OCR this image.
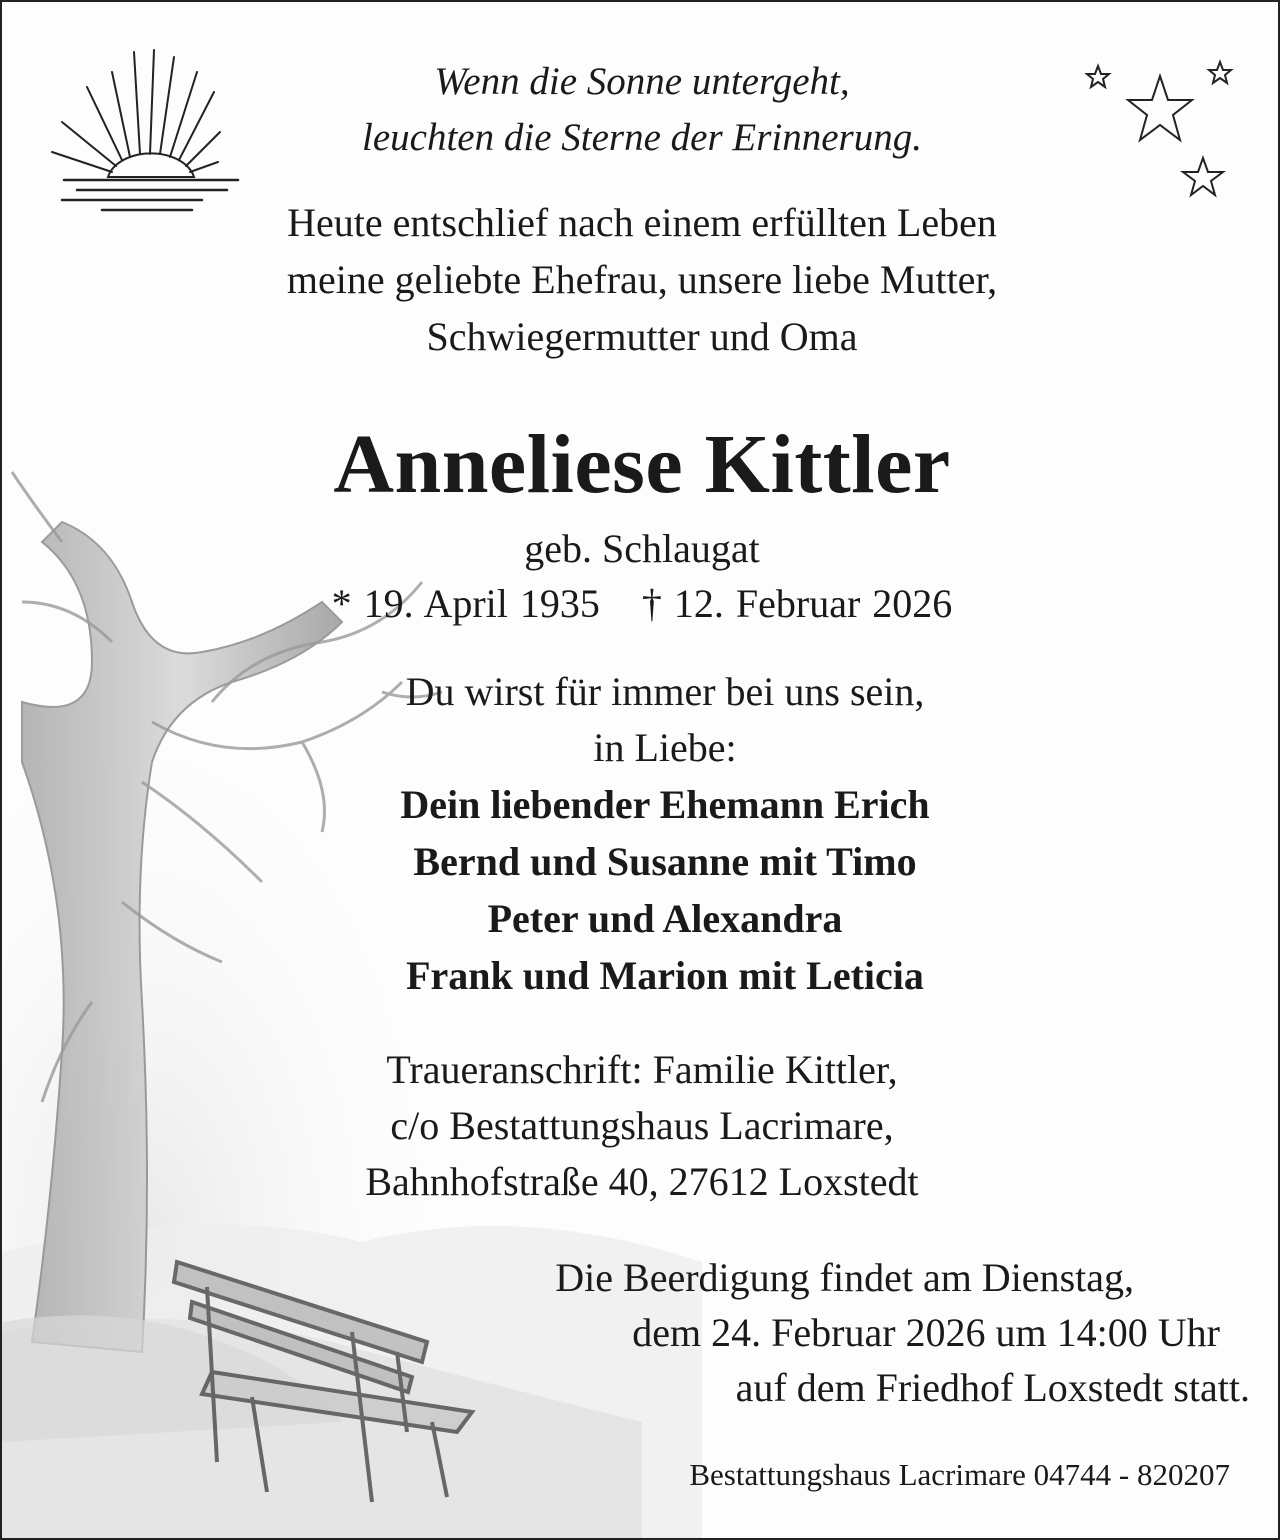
Wenn die Sonne untergeht,
leuchten die Sterne der Erinnerung.
Heute entschlief nach einem erfüllten Leben
meine geliebte Ehefrau, unsere liebe Mutter,
Schwiegermutter und Oma
Anneliese Kittler
geb. Schlaugat
* 19. April 1935 † 12. Februar 2026
Du wirst für immer bei uns sein,
in Liebe:
Dein liebender Ehemann Erich
Bernd und Susanne mit Timo
Peter und Alexandra
Frank und Marion mit Leticia
Traueranschrift: Familie Kittler,
c/o Bestattungshaus Lacrimare,
Bahnhofstraße 40, 27612 Loxstedt
Die Beerdigung findet am Dienstag,
dem 24. Februar 2026 um 14:00 Uhr
auf dem Friedhof Loxstedt statt.
Bestattungshaus Lacrimare 04744 - 820207
